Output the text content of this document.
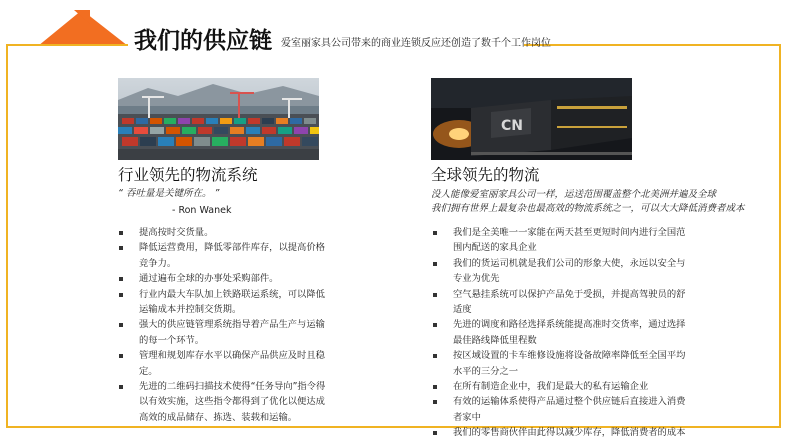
我们的供应链 爱室丽家具公司带来的商业连锁反应还创造了数千个工作岗位
CN
行业领先的物流系统
“ 吞吐量是关键所在。 ”
- Ron Wanek
提高按时交货量。
降低运营费用，降低零部件库存，以提高价格竞争力。
通过遍布全球的办事处采购部件。
行业内最大车队加上铁路联运系统，可以降低运输成本并控制交货期。
强大的供应链管理系统指导着产品生产与运输的每一个环节。
管理和规划库存水平以确保产品供应及时且稳定。
先进的二维码扫描技术使得“任务导向”指令得以有效实施，这些指令都得到了优化以便达成高效的成品储存、拣选、装载和运输。
全球领先的物流
没人能像爱室丽家具公司一样，运送范围覆盖整个北美洲并遍及全球
我们拥有世界上最复杂也最高效的物流系统之一，可以大大降低消费者成本
我们是全美唯一一家能在两天甚至更短时间内进行全国范围内配送的家具企业
我们的货运司机就是我们公司的形象大使，永远以安全与专业为优先
空气悬挂系统可以保护产品免于受损，并提高驾驶员的舒适度
先进的调度和路径选择系统能提高准时交货率，通过选择最佳路线降低里程数
按区域设置的卡车维修设施将设备故障率降低至全国平均水平的三分之一
在所有制造企业中，我们是最大的私有运输企业
有效的运输体系使得产品通过整个供应链后直接进入消费者家中
我们的零售商伙伴由此得以减少库存，降低消费者的成本
